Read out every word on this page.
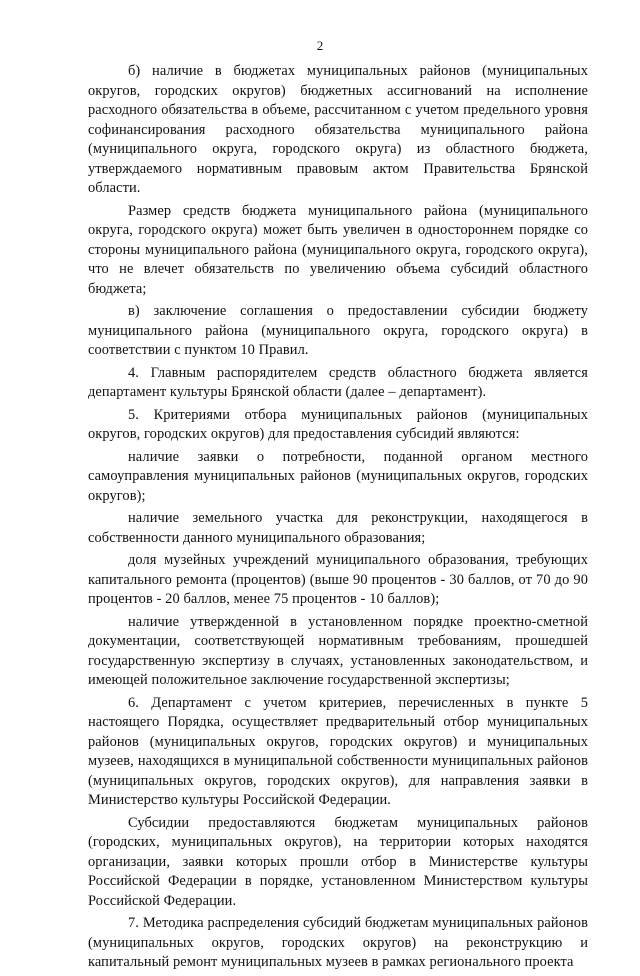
2

б) наличие в бюджетах муниципальных районов (муниципальных округов, городских округов) бюджетных ассигнований на исполнение расходного обязательства в объеме, рассчитанном с учетом предельного уровня софинансирования расходного обязательства муниципального района (муниципального округа, городского округа) из областного бюджета, утверждаемого нормативным правовым актом Правительства Брянской области.

Размер средств бюджета муниципального района (муниципального округа, городского округа) может быть увеличен в одностороннем порядке со стороны муниципального района (муниципального округа, городского округа), что не влечет обязательств по увеличению объема субсидий областного бюджета;

в) заключение соглашения о предоставлении субсидии бюджету муниципального района (муниципального округа, городского округа) в соответствии с пунктом 10 Правил.

4. Главным распорядителем средств областного бюджета является департамент культуры Брянской области (далее – департамент).

5. Критериями отбора муниципальных районов (муниципальных округов, городских округов) для предоставления субсидий являются:

наличие заявки о потребности, поданной органом местного самоуправления муниципальных районов (муниципальных округов, городских округов);

наличие земельного участка для реконструкции, находящегося в собственности данного муниципального образования;

доля музейных учреждений муниципального образования, требующих капитального ремонта (процентов) (выше 90 процентов - 30 баллов, от 70 до 90 процентов - 20 баллов, менее 75 процентов - 10 баллов);

наличие утвержденной в установленном порядке проектно-сметной документации, соответствующей нормативным требованиям, прошедшей государственную экспертизу в случаях, установленных законодательством, и имеющей положительное заключение государственной экспертизы;

6. Департамент с учетом критериев, перечисленных в пункте 5 настоящего Порядка, осуществляет предварительный отбор муниципальных районов (муниципальных округов, городских округов) и муниципальных музеев, находящихся в муниципальной собственности муниципальных районов (муниципальных округов, городских округов), для направления заявки в Министерство культуры Российской Федерации.

Субсидии предоставляются бюджетам муниципальных районов (городских, муниципальных округов), на территории которых находятся организации, заявки которых прошли отбор в Министерстве культуры Российской Федерации в порядке, установленном Министерством культуры Российской Федерации.

7. Методика распределения субсидий бюджетам муниципальных районов (муниципальных округов, городских округов) на реконструкцию и капитальный ремонт муниципальных музеев в рамках регионального проекта
